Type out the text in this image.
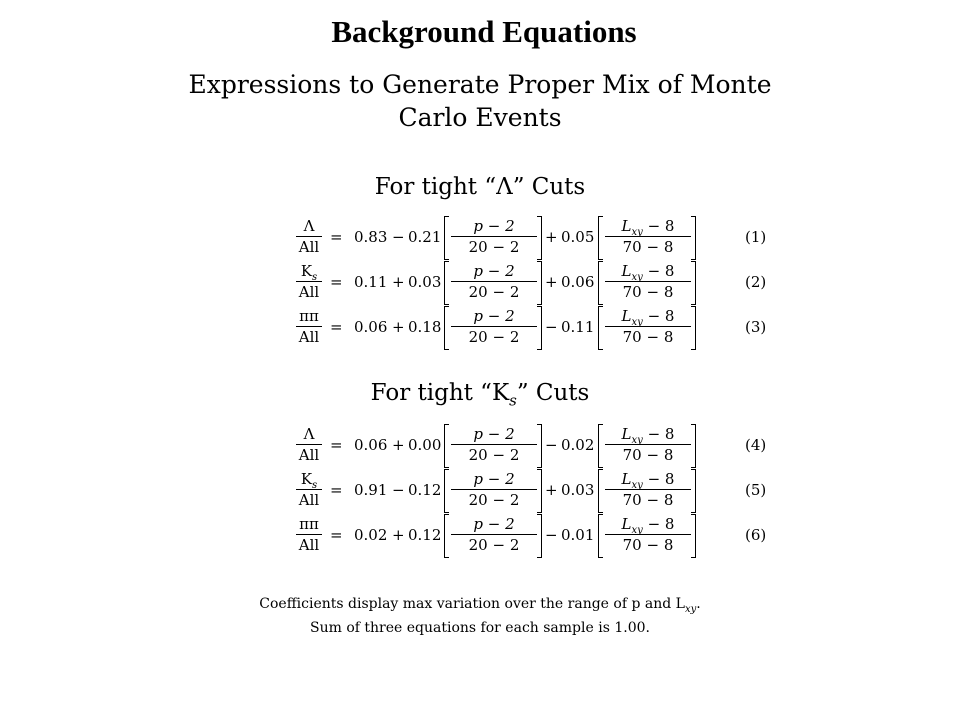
Background Equations
Expressions to Generate Proper Mix of Monte
Carlo Events
For tight “Λ” Cuts
Λ
All
= $0.83 - 0.21 \frac{p - 2}{20 - 2} + 0.05$
$L_{xy} - 8$
70 − 8
(1)
$K_s$
All
= $0.11 + 0.03 \frac{p - 2}{20 - 2} + 0.06$
$L_{xy} - 8$
70 − 8
(2)
ππ
All
= $0.06 + 0.18 \frac{p - 2}{20 - 2} - 0.11$
$L_{xy} - 8$
70 − 8
(3)
For tight “$K_s$” Cuts
Λ
All
= $0.06 + 0.00 \frac{p - 2}{20 - 2} - 0.02$
$L_{xy} - 8$
70 − 8
(4)
$K_s$
All
= $0.91 - 0.12 \frac{p - 2}{20 - 2} + 0.03$
$L_{xy} - 8$
70 − 8
(5)
ππ
All
= $0.02 + 0.12 \frac{p - 2}{20 - 2} - 0.01$
$L_{xy} - 8$
70 − 8
(6)
Coefficients display max variation over the range of p and $L_{xy}$.
Sum of three equations for each sample is 1.00.
